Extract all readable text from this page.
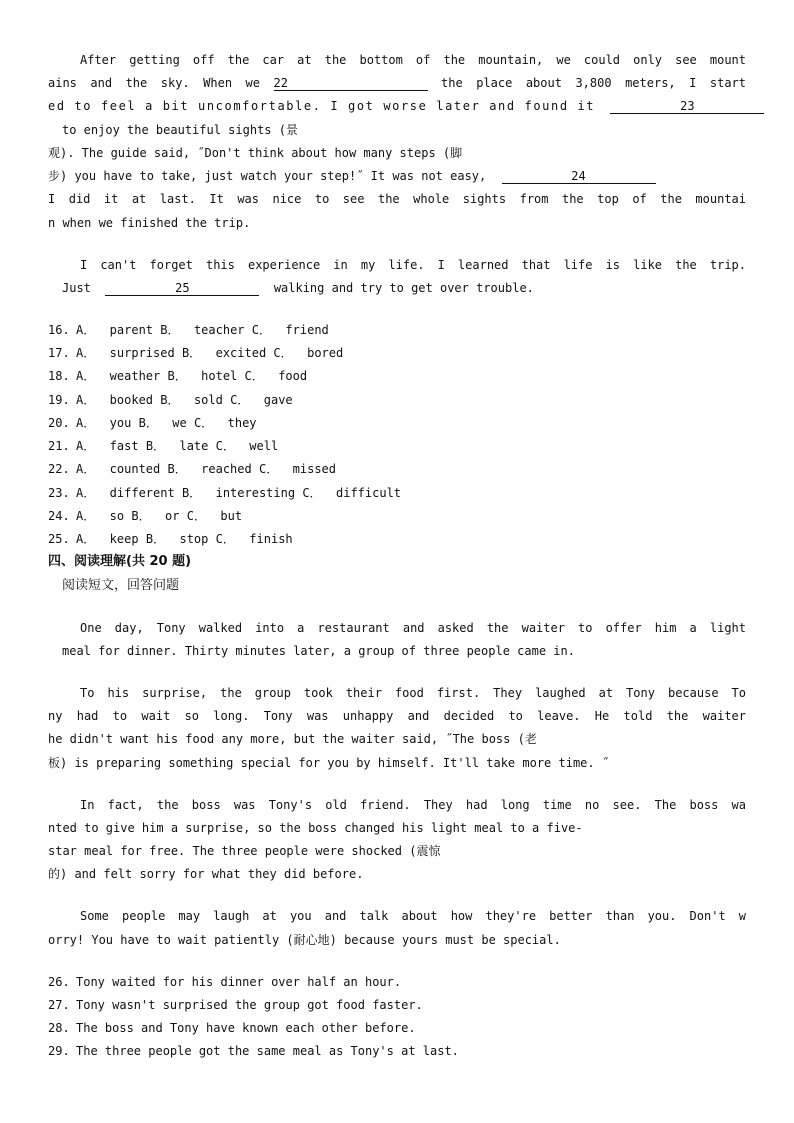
After getting off the car at the bottom of the mountain, we could only see mount
ains and the sky. When we 22	the place about 3,800 meters, I start
ed to feel a bit uncomfortable. I got worse later and found it	23
to enjoy the beautiful sights (景
观). The guide said, ˝Don't think about how many steps (脚
步) you have to take, just watch your step!˝ It was not easy,	24
I did it at last. It was nice to see the whole sights from the top of the mountai
n when we finished the trip.
I can't forget this experience in my life. I learned that life is like the trip.
Just	25	walking and try to get over trouble.
16. A．  parent B．  teacher C．  friend
17. A．  surprised B．  excited C．  bored
18. A．  weather B．  hotel C．  food
19. A．  booked B．  sold C．  gave
20. A．  you B．  we C．  they
21. A．  fast B．  late C．  well
22. A．  counted B．  reached C．  missed
23. A．  different B．  interesting C．  difficult
24. A．  so B．  or C．  but
25. A．  keep B．  stop C．  finish
四、阅读理解(共 20 题)
阅读短文，回答问题
One day, Tony walked into a restaurant and asked the waiter to offer him a light
meal for dinner. Thirty minutes later, a group of three people came in.
To his surprise, the group took their food first. They laughed at Tony because To
ny had to wait so long. Tony was unhappy and decided to leave. He told the waiter
he didn't want his food any more, but the waiter said, ˝The boss (老
板) is preparing something special for you by himself. It'll take more time. ˝
In fact, the boss was Tony's old friend. They had long time no see. The boss wa
nted to give him a surprise, so the boss changed his light meal to a five-
star meal for free. The three people were shocked (震惊
的) and felt sorry for what they did before.
Some people may laugh at you and talk about how they're better than you. Don't w
orry! You have to wait patiently (耐心地) because yours must be special.
26. Tony waited for his dinner over half an hour.
27. Tony wasn't surprised the group got food faster.
28. The boss and Tony have known each other before.
29. The three people got the same meal as Tony's at last.
